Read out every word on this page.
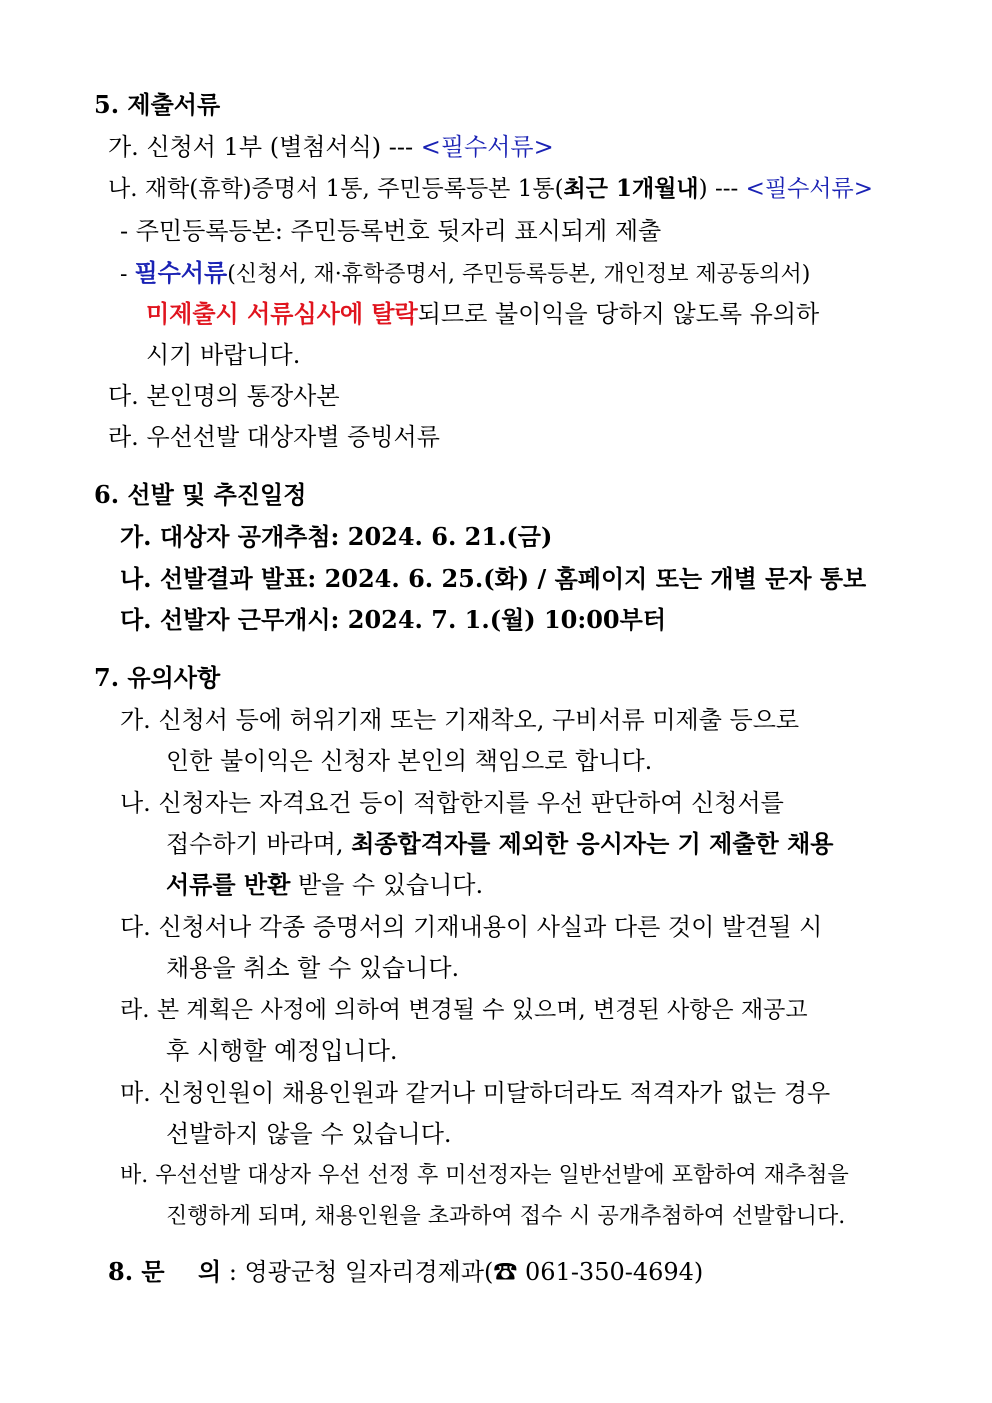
5. 제출서류
가. 신청서 1부 (별첨서식) --- <필수서류>
나. 재학(휴학)증명서 1통, 주민등록등본 1통(최근 1개월내) --- <필수서류>
- 주민등록등본: 주민등록번호 뒷자리 표시되게 제출
- 필수서류(신청서, 재·휴학증명서, 주민등록등본, 개인정보 제공동의서)
미제출시 서류심사에 탈락되므로 불이익을 당하지 않도록 유의하
시기 바랍니다.
다. 본인명의 통장사본
라. 우선선발 대상자별 증빙서류
6. 선발 및 추진일정
가. 대상자 공개추첨: 2024. 6. 21.(금)
나. 선발결과 발표: 2024. 6. 25.(화) / 홈페이지 또는 개별 문자 통보
다. 선발자 근무개시: 2024. 7. 1.(월) 10:00부터
7. 유의사항
가. 신청서 등에 허위기재 또는 기재착오, 구비서류 미제출 등으로
인한 불이익은 신청자 본인의 책임으로 합니다.
나. 신청자는 자격요건 등이 적합한지를 우선 판단하여 신청서를
접수하기 바라며, 최종합격자를 제외한 응시자는 기 제출한 채용
서류를 반환 받을 수 있습니다.
다. 신청서나 각종 증명서의 기재내용이 사실과 다른 것이 발견될 시
채용을 취소 할 수 있습니다.
라. 본 계획은 사정에 의하여 변경될 수 있으며, 변경된 사항은 재공고
후 시행할 예정입니다.
마. 신청인원이 채용인원과 같거나 미달하더라도 적격자가 없는 경우
선발하지 않을 수 있습니다.
바. 우선선발 대상자 우선 선정 후 미선정자는 일반선발에 포함하여 재추첨을
진행하게 되며, 채용인원을 초과하여 접수 시 공개추첨하여 선발합니다.
8. 문    의 : 영광군청 일자리경제과(☎ 061-350-4694)
